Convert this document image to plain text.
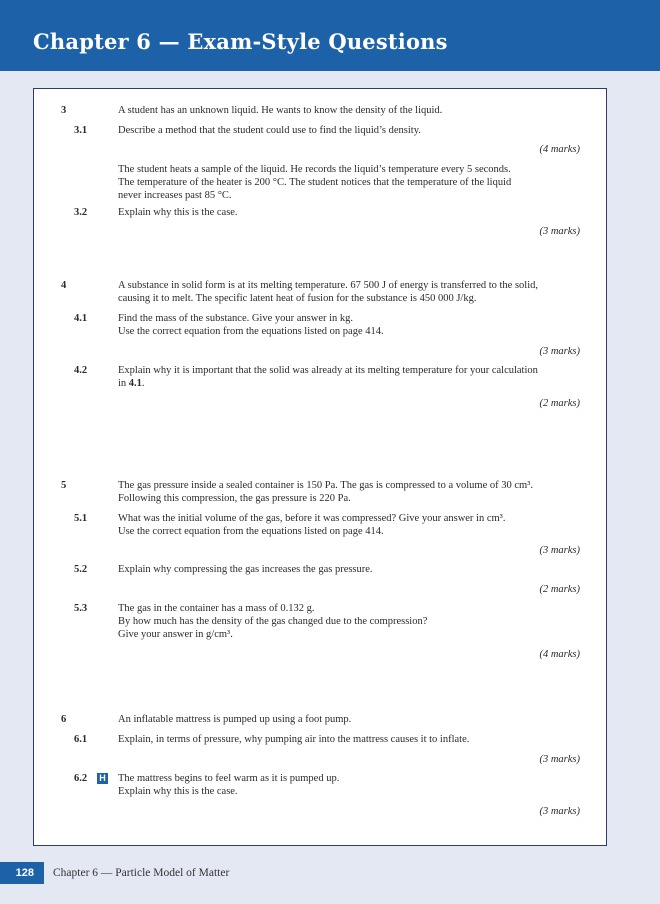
Chapter 6 — Exam-Style Questions

3	A student has an unknown liquid. He wants to know the density of the liquid.

3.1	Describe a method that the student could use to find the liquid’s density.

(4 marks)

The student heats a sample of the liquid. He records the liquid’s temperature every 5 seconds.

The temperature of the heater is 200 °C. The student notices that the temperature of the liquid

never increases past 85 °C.

3.2	Explain why this is the case.

(3 marks)

4	A substance in solid form is at its melting temperature. 67 500 J of energy is transferred to the solid,

causing it to melt. The specific latent heat of fusion for the substance is 450 000 J/kg.

4.1	Find the mass of the substance. Give your answer in kg.

Use the correct equation from the equations listed on page 414.

(3 marks)

4.2	Explain why it is important that the solid was already at its melting temperature for your calculation

in 4.1.

(2 marks)

5	The gas pressure inside a sealed container is 150 Pa. The gas is compressed to a volume of 30 cm³.

Following this compression, the gas pressure is 220 Pa.

5.1	What was the initial volume of the gas, before it was compressed? Give your answer in cm³.

Use the correct equation from the equations listed on page 414.

(3 marks)

5.2	Explain why compressing the gas increases the gas pressure.

(2 marks)

5.3	The gas in the container has a mass of 0.132 g.

By how much has the density of the gas changed due to the compression?

Give your answer in g/cm³.

(4 marks)

6	An inflatable mattress is pumped up using a foot pump.

6.1	Explain, in terms of pressure, why pumping air into the mattress causes it to inflate.

(3 marks)

6.2 H The mattress begins to feel warm as it is pumped up.

Explain why this is the case.

(3 marks)

128	Chapter 6 — Particle Model of Matter
